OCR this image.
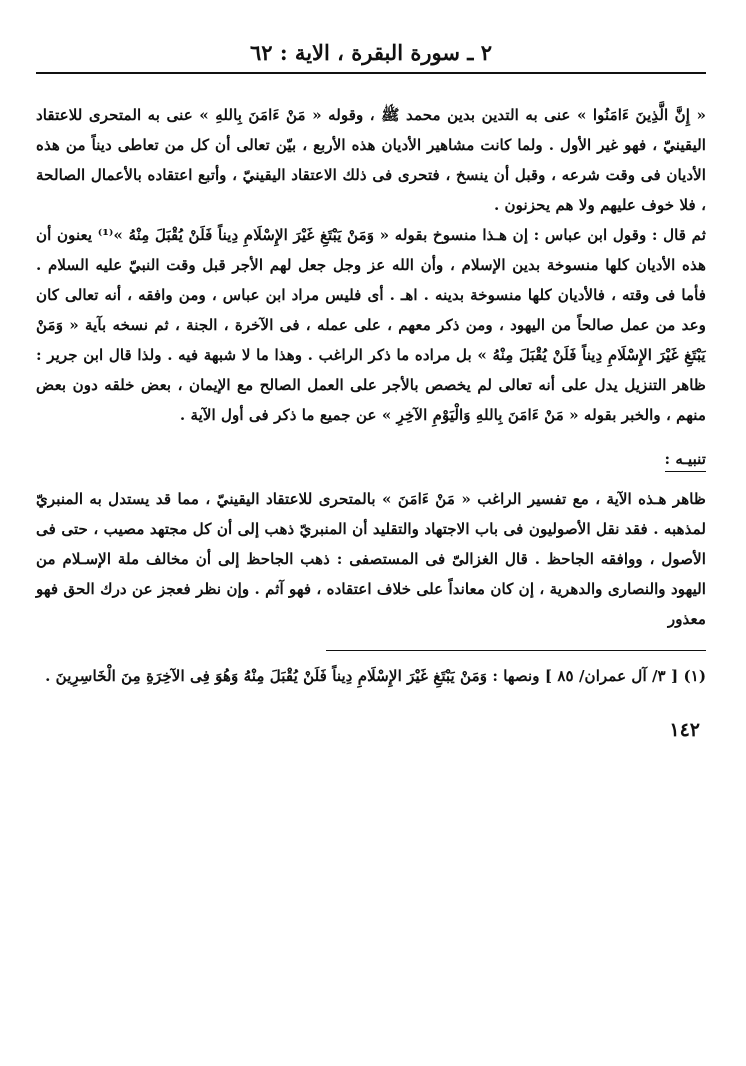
٢ ـ سورة البقرة ، الاية : ٦٢

« إِنَّ الَّذِينَ ءَامَنُوا » عنى به التدين بدين محمد ﷺ ، وقوله « مَنْ ءَامَنَ بِاللهِ » عنى به المتحرى للاعتقاد اليقينيّ ، فهو غير الأول . ولما كانت مشاهير الأديان هذه الأربع ، بيّن تعالى أن كل من تعاطى ديناً من هذه الأديان فى وقت شرعه ، وقبل أن ينسخ ، فتحرى فى ذلك الاعتقاد اليقينيّ ، وأتبع اعتقاده بالأعمال الصالحة ، فلا خوف عليهم ولا هم يحزنون .

ثم قال : وقول ابن عباس : إن هـذا منسوخ بقوله « وَمَنْ يَبْتَغِ غَيْرَ الإِسْلَامِ دِيناً فَلَنْ يُقْبَلَ مِنْهُ »⁽¹⁾ يعنون أن هذه الأديان كلها منسوخة بدين الإسلام ، وأن الله عز وجل جعل لهم الأجر قبل وقت النبيّ عليه السلام . فأما فى وقته ، فالأديان كلها منسوخة بدينه . اهـ . أى فليس مراد ابن عباس ، ومن وافقه ، أنه تعالى كان وعد من عمل صالحاً من اليهود ، ومن ذكر معهم ، على عمله ، فى الآخرة ، الجنة ، ثم نسخه بآية « وَمَنْ يَبْتَغِ غَيْرَ الإِسْلَامِ دِيناً فَلَنْ يُقْبَلَ مِنْهُ » بل مراده ما ذكر الراغب . وهذا ما لا شبهة فيه . ولذا قال ابن جرير : ظاهر التنزيل يدل على أنه تعالى لم يخصص بالأجر على العمل الصالح مع الإيمان ، بعض خلقه دون بعض منهم ، والخبر بقوله « مَنْ ءَامَنَ بِاللهِ وَالْيَوْمِ الآخِرِ » عن جميع ما ذكر فى أول الآية .

تنبيـه :

ظاهر هـذه الآية ، مع تفسير الراغب « مَنْ ءَامَنَ » بالمتحرى للاعتقاد اليقينيّ ، مما قد يستدل به المنبريّ لمذهبه . فقد نقل الأصوليون فى باب الاجتهاد والتقليد أن المنبريّ ذهب إلى أن كل مجتهد مصيب ، حتى فى الأصول ، ووافقه الجاحظ . قال الغزالىّ فى المستصفى : ذهب الجاحظ إلى أن مخالف ملة الإسـلام من اليهود والنصارى والدهرية ، إن كان معانداً على خلاف اعتقاده ، فهو آثم . وإن نظر فعجز عن درك الحق فهو معذور

(١) [ ٣/ آل عمران/ ٨٥ ] ونصها : وَمَنْ يَبْتَغِ غَيْرَ الإِسْلَامِ دِيناً فَلَنْ يُقْبَلَ مِنْهُ وَهُوَ فِى الآخِرَةِ مِنَ الْخَاسِرِينَ .
١٤٢
